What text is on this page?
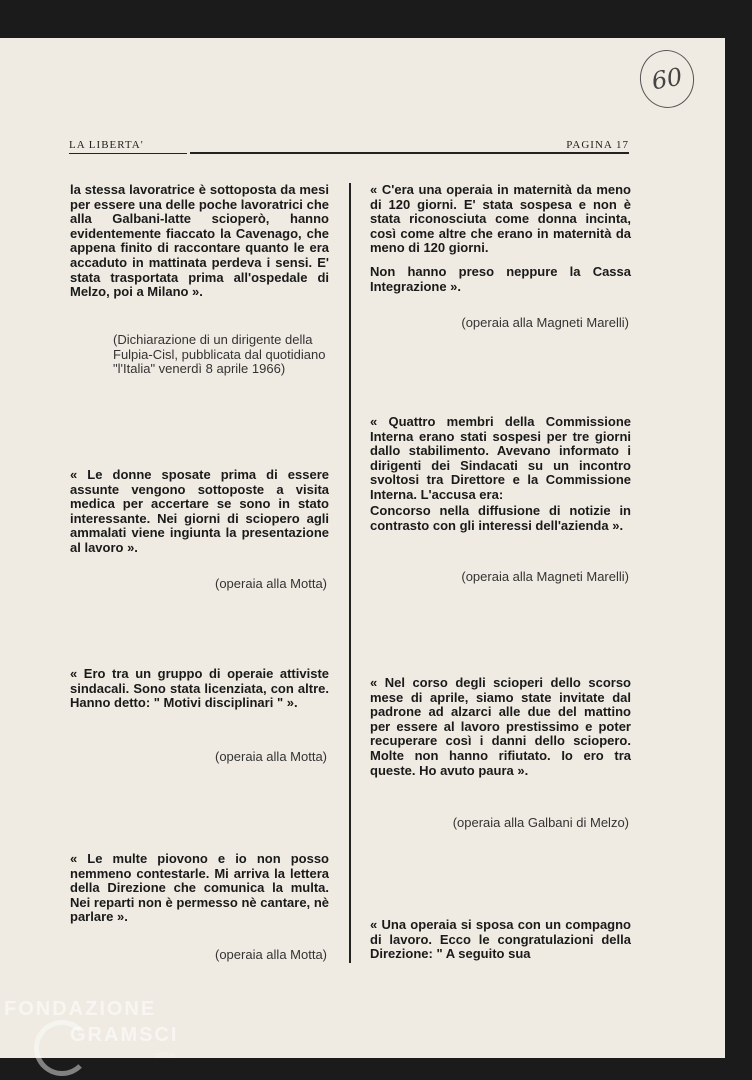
60
LA LIBERTA'	PAGINA 17

la stessa lavoratrice è sottoposta da mesi per essere una delle poche lavoratrici che alla Galbani-latte scioperò, hanno evidentemente fiaccato la Cavenago, che appena finito di raccontare quanto le era accaduto in mattinata perdeva i sensi. E' stata trasportata prima all'ospedale di Melzo, poi a Milano ».

(Dichiarazione di un dirigente della Fulpia-Cisl, pubblicata dal quotidiano "l'Italia" venerdì 8 aprile 1966)

« Le donne sposate prima di essere assunte vengono sottoposte a visita medica per accertare se sono in stato interessante. Nei giorni di sciopero agli ammalati viene ingiunta la presentazione al lavoro ».

(operaia alla Motta)

« Ero tra un gruppo di operaie attiviste sindacali. Sono stata licenziata, con altre. Hanno detto: " Motivi disciplinari " ».

(operaia alla Motta)

« Le multe piovono e io non posso nemmeno contestarle. Mi arriva la lettera della Direzione che comunica la multa. Nei reparti non è permesso nè cantare, nè parlare ».

(operaia alla Motta)

« C'era una operaia in maternità da meno di 120 giorni. E' stata sospesa e non è stata riconosciuta come donna incinta, così come altre che erano in maternità da meno di 120 giorni.

Non hanno preso neppure la Cassa Integrazione ».

(operaia alla Magneti Marelli)

« Quattro membri della Commissione Interna erano stati sospesi per tre giorni dallo stabilimento. Avevano informato i dirigenti dei Sindacati su un incontro svoltosi tra Direttore e la Commissione Interna. L'accusa era:

Concorso nella diffusione di notizie in contrasto con gli interessi dell'azienda ».

(operaia alla Magneti Marelli)

« Nel corso degli scioperi dello scorso mese di aprile, siamo state invitate dal padrone ad alzarci alle due del mattino per essere al lavoro prestissimo e poter recuperare così i danni dello sciopero. Molte non hanno rifiutato. Io ero tra queste. Ho avuto paura ».

(operaia alla Galbani di Melzo)

« Una operaia si sposa con un compagno di lavoro. Ecco le congratulazioni della Direzione: " A seguito sua

FONDAZIONE
GRAMSCI
onlus
